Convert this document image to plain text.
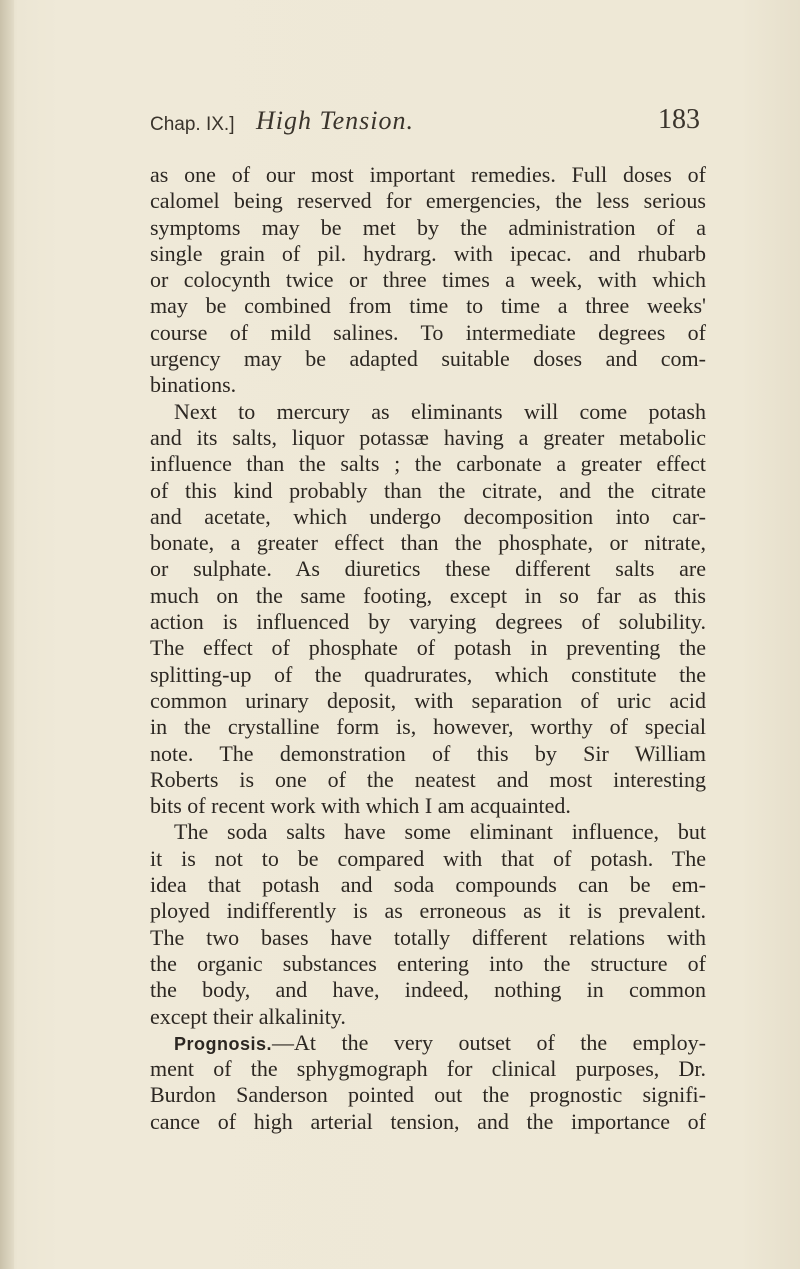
Chap. IX.] High Tension.	183
as one of our most important remedies. Full doses of
calomel being reserved for emergencies, the less serious
symptoms may be met by the administration of a
single grain of pil. hydrarg. with ipecac. and rhubarb
or colocynth twice or three times a week, with which
may be combined from time to time a three weeks'
course of mild salines. To intermediate degrees of
urgency may be adapted suitable doses and com-
binations.
Next to mercury as eliminants will come potash
and its salts, liquor potassæ having a greater metabolic
influence than the salts ; the carbonate a greater effect
of this kind probably than the citrate, and the citrate
and acetate, which undergo decomposition into car-
bonate, a greater effect than the phosphate, or nitrate,
or sulphate. As diuretics these different salts are
much on the same footing, except in so far as this
action is influenced by varying degrees of solubility.
The effect of phosphate of potash in preventing the
splitting-up of the quadrurates, which constitute the
common urinary deposit, with separation of uric acid
in the crystalline form is, however, worthy of special
note. The demonstration of this by Sir William
Roberts is one of the neatest and most interesting
bits of recent work with which I am acquainted.
The soda salts have some eliminant influence, but
it is not to be compared with that of potash. The
idea that potash and soda compounds can be em-
ployed indifferently is as erroneous as it is prevalent.
The two bases have totally different relations with
the organic substances entering into the structure of
the body, and have, indeed, nothing in common
except their alkalinity.
Prognosis.—At the very outset of the employ-
ment of the sphygmograph for clinical purposes, Dr.
Burdon Sanderson pointed out the prognostic signifi-
cance of high arterial tension, and the importance of
